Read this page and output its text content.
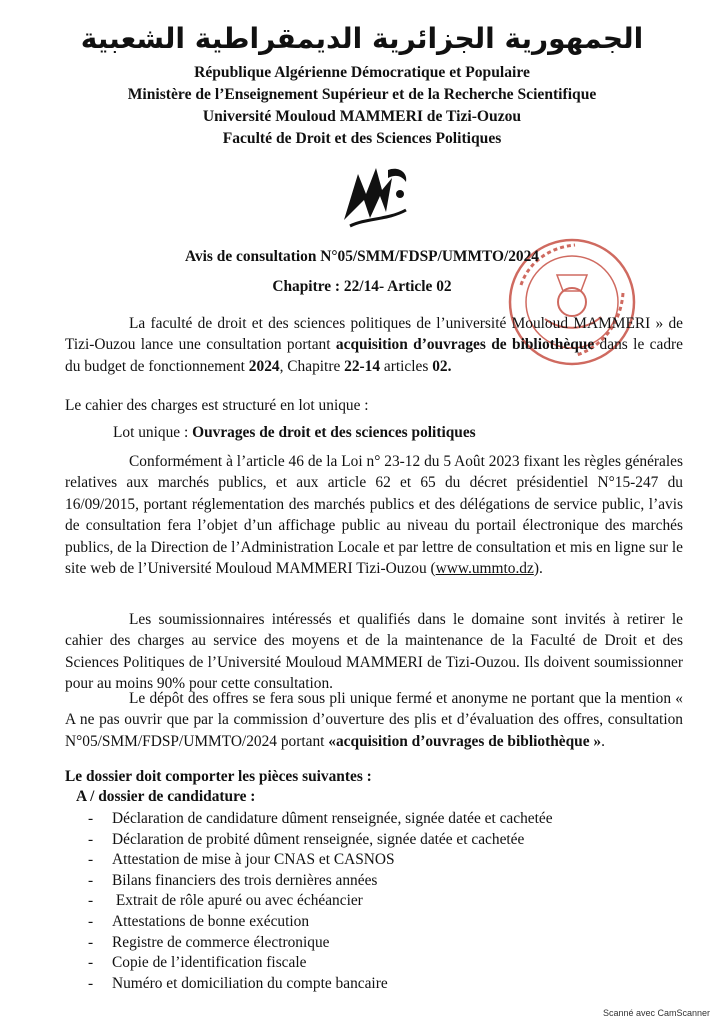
الجمهورية الجزائرية الديمقراطية الشعبية
République Algérienne Démocratique et Populaire
Ministère de l’Enseignement Supérieur et de la Recherche Scientifique
Université Mouloud MAMMERI de Tizi-Ouzou
Faculté de Droit et des Sciences Politiques
Avis de consultation N°05/SMM/FDSP/UMMTO/2024
Chapitre : 22/14- Article 02
La faculté de droit et des sciences politiques de l’université Mouloud MAMMERI » de Tizi-Ouzou lance une consultation portant acquisition d’ouvrages de bibliothèque dans le cadre du budget de fonctionnement 2024, Chapitre 22-14 articles 02.
Le cahier des charges est structuré en lot unique :
Lot unique : Ouvrages de droit et des sciences politiques
Conformément à l’article 46 de la Loi n° 23-12 du 5 Août 2023 fixant les règles générales relatives aux marchés publics, et aux article 62 et 65 du décret présidentiel N°15-247 du 16/09/2015, portant réglementation des marchés publics et des délégations de service public, l’avis de consultation fera l’objet d’un affichage public au niveau du portail électronique des marchés publics, de la Direction de l’Administration Locale et par lettre de consultation et mis en ligne sur le site web de l’Université Mouloud MAMMERI Tizi-Ouzou (www.ummto.dz).
Les soumissionnaires intéressés et qualifiés dans le domaine sont invités à retirer le cahier des charges au service des moyens et de la maintenance de la Faculté de Droit et des Sciences Politiques de l’Université Mouloud MAMMERI de Tizi-Ouzou. Ils doivent soumissionner pour au moins 90% pour cette consultation.
Le dépôt des offres se fera sous pli unique fermé et anonyme ne portant que la mention « A ne pas ouvrir que par la commission d’ouverture des plis et d’évaluation des offres, consultation N°05/SMM/FDSP/UMMTO/2024 portant «acquisition d’ouvrages de bibliothèque ».
Le dossier doit comporter les pièces suivantes :
A / dossier de candidature :
- Déclaration de candidature dûment renseignée, signée datée et cachetée
- Déclaration de probité dûment renseignée, signée datée et cachetée
- Attestation de mise à jour CNAS et CASNOS
- Bilans financiers des trois dernières années
- Extrait de rôle apuré ou avec échéancier
- Attestations de bonne exécution
- Registre de commerce électronique
- Copie de l’identification fiscale
- Numéro et domiciliation du compte bancaire
Scanné avec CamScanner
